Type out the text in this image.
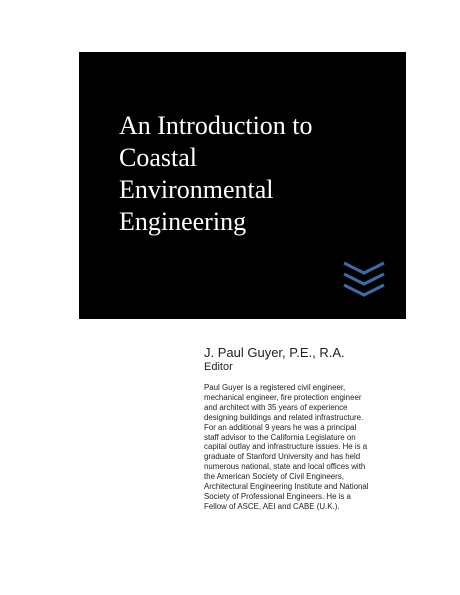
An Introduction to
Coastal
Environmental
Engineering

J. Paul Guyer, P.E., R.A.

Editor

Paul Guyer is a registered civil engineer,
mechanical engineer, fire protection engineer
and architect with 35 years of experience
designing buildings and related infrastructure.
For an additional 9 years he was a principal
staff advisor to the California Legislature on
capital outlay and infrastructure issues. He is a
graduate of Stanford University and has held
numerous national, state and local offices with
the American Society of Civil Engineers,
Architectural Engineering Institute and National
Society of Professional Engineers. He is a
Fellow of ASCE, AEI and CABE (U.K.).
